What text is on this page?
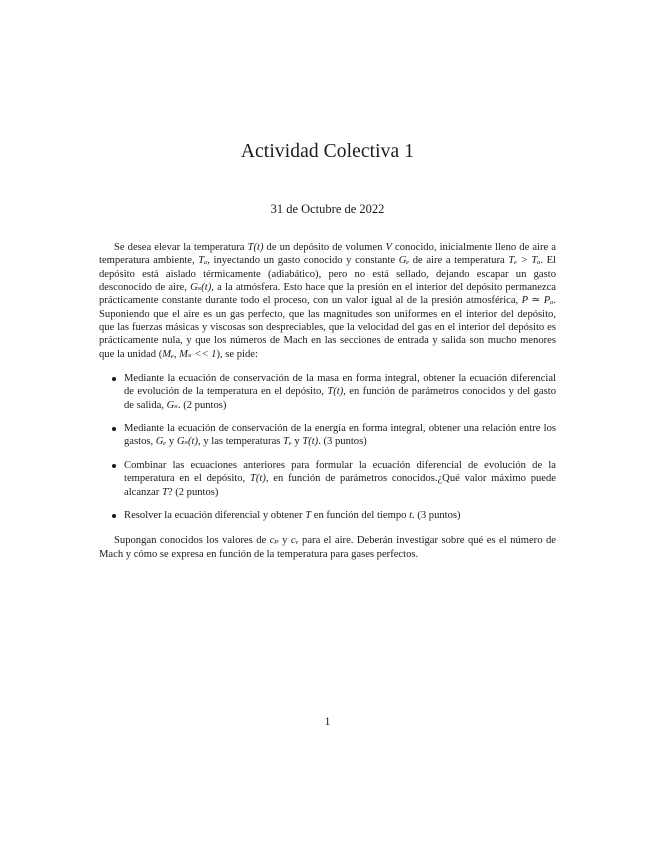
Actividad Colectiva 1
31 de Octubre de 2022

Se desea elevar la temperatura T(t) de un depósito de volumen V conocido, inicialmente lleno de aire a temperatura ambiente, Tₐ, inyectando un gasto conocido y constante Gₑ de aire a temperatura Tₑ > Tₐ. El depósito está aislado térmicamente (adiabático), pero no está sellado, dejando escapar un gasto desconocido de aire, Gₛ(t), a la atmósfera. Esto hace que la presión en el interior del depósito permanezca prácticamente constante durante todo el proceso, con un valor igual al de la presión atmosférica, P ≃ Pₐ. Suponiendo que el aire es un gas perfecto, que las magnitudes son uniformes en el interior del depósito, que las fuerzas másicas y viscosas son despreciables, que la velocidad del gas en el interior del depósito es prácticamente nula, y que los números de Mach en las secciones de entrada y salida son mucho menores que la unidad (Mₑ, Mₛ << 1), se pide:

Mediante la ecuación de conservación de la masa en forma integral, obtener la ecuación diferencial de evolución de la temperatura en el depósito, T(t), en función de parámetros conocidos y del gasto de salida, Gₛ. (2 puntos)
Mediante la ecuación de conservación de la energía en forma integral, obtener una relación entre los gastos, Gₑ y Gₛ(t), y las temperaturas Tₑ y T(t). (3 puntos)
Combinar las ecuaciones anteriores para formular la ecuación diferencial de evolución de la temperatura en el depósito, T(t), en función de parámetros conocidos.¿Qué valor máximo puede alcanzar T? (2 puntos)
Resolver la ecuación diferencial y obtener T en función del tiempo t. (3 puntos)

Supongan conocidos los valores de cₚ y cᵥ para el aire. Deberán investigar sobre qué es el número de Mach y cómo se expresa en función de la temperatura para gases perfectos.

1
